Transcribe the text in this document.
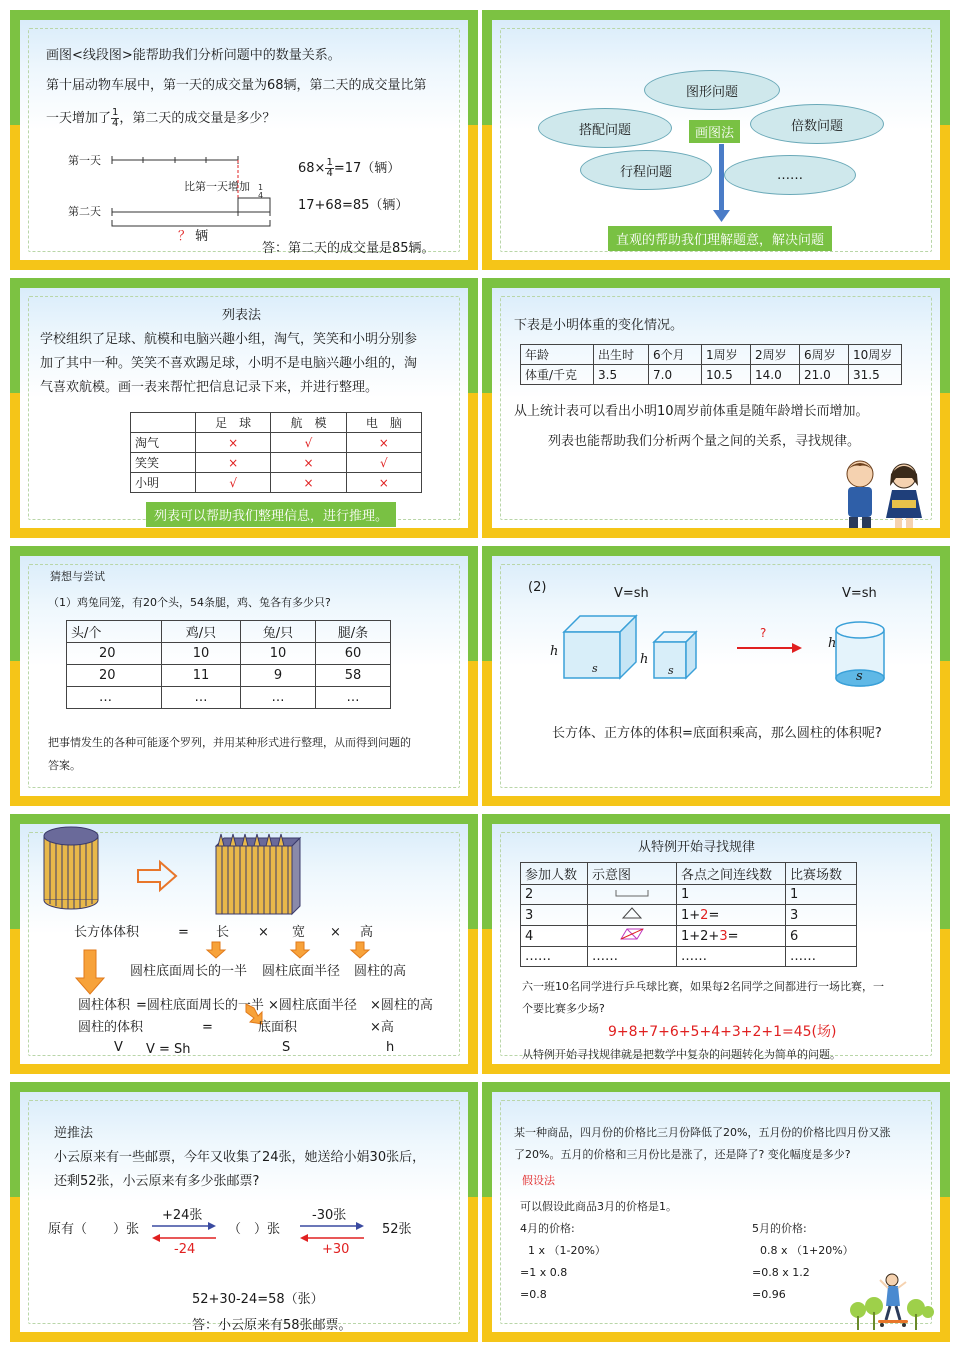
画图<线段图>能帮助我们分析问题中的数量关系。
第十届动物车展中，第一天的成交量为68辆，第二天的成交量比第
一天增加了 $\frac{1}{4}$ ，第二天的成交量是多少？
第一天
比第一天增加
第二天
1
4
？ 辆
$68\times \frac{1}{4} =17$（辆）
17+68=85（辆）
答：第二天的成交量是85辆。
图形问题
搭配问题	倍数问题
行程问题	……
画图法
直观的帮助我们理解题意，解决问题
列表法
学校组织了足球、航模和电脑兴趣小组，淘气，笑笑和小明分别参
加了其中一种。笑笑不喜欢踢足球，小明不是电脑兴趣小组的，淘
气喜欢航模。画一表来帮忙把信息记录下来，并进行整理。
	足　球	航　模	电　脑
淘气	×	√	×
笑笑	×	×	√
小明	√	×	×
列表可以帮助我们整理信息，进行推理。
下表是小明体重的变化情况。
年龄	出生时	6个月	1周岁	2周岁	6周岁	10周岁
体重/千克	3.5	7.0	10.5	14.0	21.0	31.5
从上统计表可以看出小明10周岁前体重是随年龄增长而增加。
列表也能帮助我们分析两个量之间的关系，寻找规律。
猜想与尝试
（1）鸡兔同笼，有20个头，54条腿，鸡、兔各有多少只?
头/个	鸡/只	兔/只	腿/条
20	10	10	60
20	11	9	58
…	…	…	…
把事情发生的各种可能逐个罗列，并用某种形式进行整理，从而得到问题的
答案。
(2)	V=sh	V=sh
h
s
h
s
?
h
s
长方体、正方体的体积=底面积乘高，那么圆柱的体积呢?
长方体体积	= 长 × 宽 × 高
圆柱底面周长的一半 圆柱底面半径 圆柱的高
圆柱体积 =圆柱底面周长的一半 ×圆柱底面半径 ×圆柱的高
圆柱的体积	=	底面积	×高
V V = Sh	S	h
从特例开始寻找规律
参加人数	示意图	各点之间连线数	比赛场数
2		1	1
3		1+2=	3
4		1+2+3=	6
……	……	……	……
六一班10名同学进行乒乓球比赛，如果每2名同学之间都进行一场比赛，一
个要比赛多少场?
9+8+7+6+5+4+3+2+1=45(场)
从特例开始寻找规律就是把数学中复杂的问题转化为简单的问题。
逆推法
小云原来有一些邮票，今年又收集了24张，她送给小娟30张后，
还剩52张，小云原来有多少张邮票?
原有（　　）张	（　）张	52张
+24张
-24
-30张
+30
52+30-24=58（张）
答：小云原来有58张邮票。
某一种商品，四月份的价格比三月份降低了20%，五月份的价格比四月份又涨
了20%。五月的价格和三月份比是涨了，还是降了? 变化幅度是多少?
假设法
可以假设此商品3月的价格是1。
4月的价格:
1 x （1-20%）
=1 x 0.8
=0.8
5月的价格:
0.8 x （1+20%）
=0.8 x 1.2
=0.96
